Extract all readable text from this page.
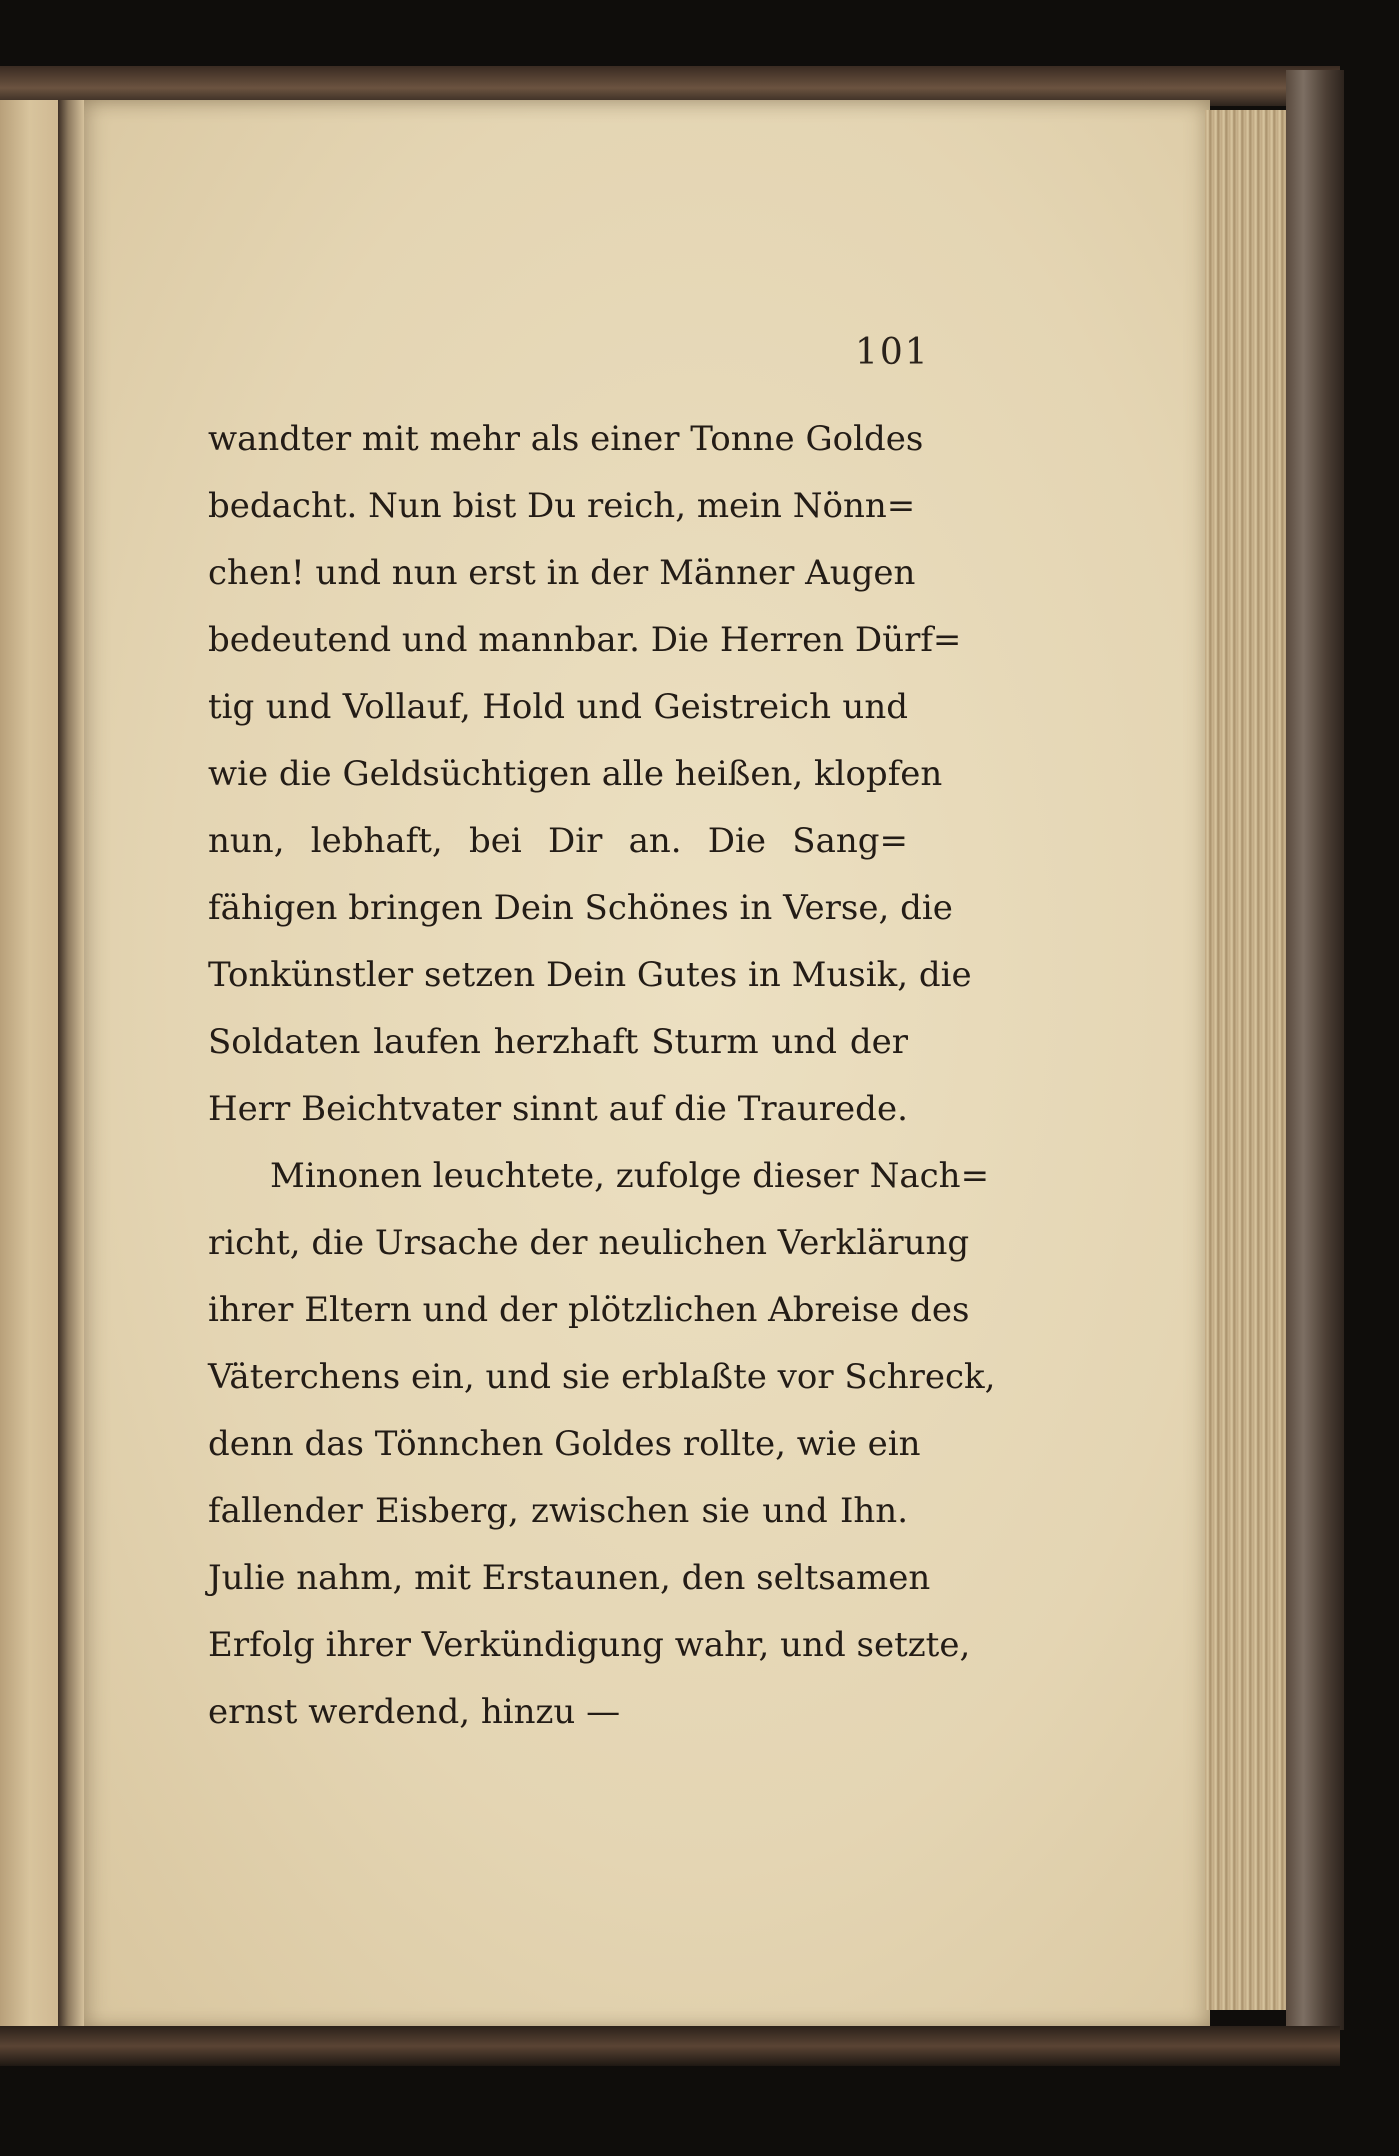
101
wandter mit mehr als einer Tonne Goldes
bedacht. Nun bist Du reich, mein Nönn=
chen! und nun erst in der Männer Augen
bedeutend und mannbar. Die Herren Dürf=
tig und Vollauf, Hold und Geistreich und
wie die Geldsüchtigen alle heißen, klopfen
nun, lebhaft, bei Dir an. Die Sang=
fähigen bringen Dein Schönes in Verse, die
Tonkünstler setzen Dein Gutes in Musik, die
Soldaten laufen herzhaft Sturm und der
Herr Beichtvater sinnt auf die Traurede.
Minonen leuchtete, zufolge dieser Nach=
richt, die Ursache der neulichen Verklärung
ihrer Eltern und der plötzlichen Abreise des
Väterchens ein, und sie erblaßte vor Schreck,
denn das Tönnchen Goldes rollte, wie ein
fallender Eisberg, zwischen sie und Ihn.
Julie nahm, mit Erstaunen, den seltsamen
Erfolg ihrer Verkündigung wahr, und setzte,
ernst werdend, hinzu —
